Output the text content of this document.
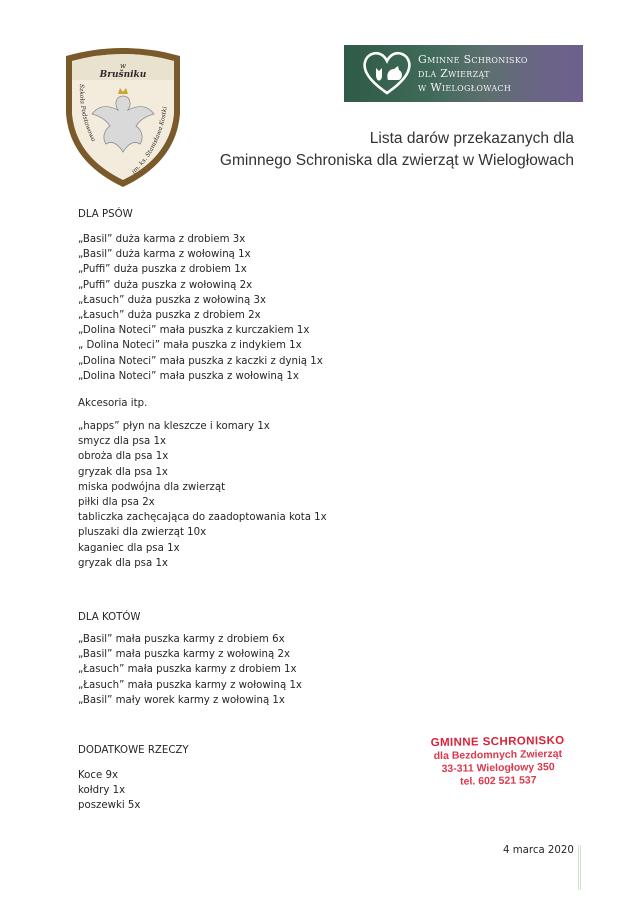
w
Brušniku
Szkoła Podstawowa
im. ks. Stanisława Kostki
Gminne Schronisko
dla Zwierząt
w Wielogłowach
Lista darów przekazanych dla
Gminnego Schroniska dla zwierząt w Wielogłowach
DLA PSÓW
„Basil” duża karma z drobiem 3x
„Basil” duża karma z wołowiną 1x
„Puffi” duża puszka z drobiem 1x
„Puffi” duża puszka z wołowiną 2x
„Łasuch” duża puszka z wołowiną 3x
„Łasuch” duża puszka z drobiem 2x
„Dolina Noteci” mała puszka z kurczakiem 1x
„ Dolina Noteci” mała puszka z indykiem 1x
„Dolina Noteci” mała puszka z kaczki z dynią 1x
„Dolina Noteci” mała puszka z wołowiną 1x
Akcesoria itp.
„happs” płyn na kleszcze i komary 1x
smycz dla psa 1x
obroża dla psa 1x
gryzak dla psa 1x
miska podwójna dla zwierząt
piłki dla psa 2x
tabliczka zachęcająca do zaadoptowania kota 1x
pluszaki dla zwierząt 10x
kaganiec dla psa 1x
gryzak dla psa 1x
DLA KOTÓW
„Basil” mała puszka karmy z drobiem 6x
„Basil” mała puszka karmy z wołowiną 2x
„Łasuch” mała puszka karmy z drobiem 1x
„Łasuch” mała puszka karmy z wołowiną 1x
„Basil” mały worek karmy z wołowiną 1x
DODATKOWE RZECZY
Koce 9x
kołdry 1x
poszewki 5x
GMINNE SCHRONISKO
dla Bezdomnych Zwierząt
33-311 Wielogłowy 350
tel. 602 521 537
4 marca 2020
